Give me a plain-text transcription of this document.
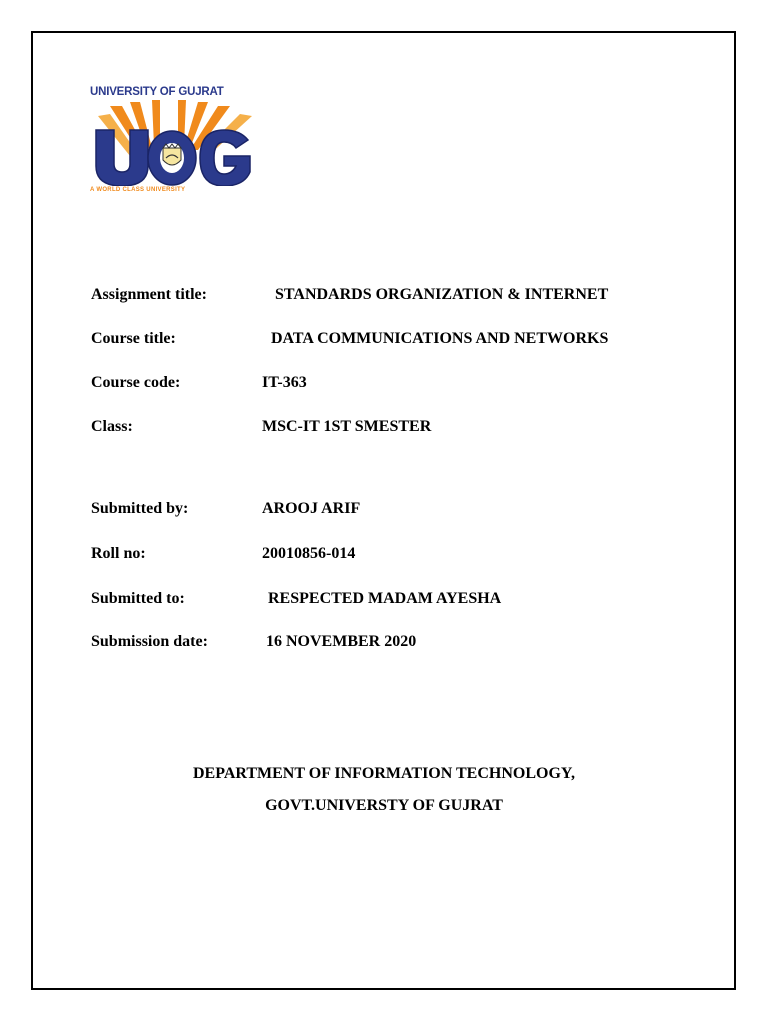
UNIVERSITY OF GUJRAT
A WORLD CLASS UNIVERSITY
Assignment title:	STANDARDS ORGANIZATION & INTERNET
Course title:	DATA COMMUNICATIONS AND NETWORKS
Course code:	IT-363
Class:	MSC-IT 1ST SMESTER
Submitted by:	AROOJ ARIF
Roll no:	20010856-014
Submitted to:	RESPECTED MADAM AYESHA
Submission date:	16 NOVEMBER 2020
DEPARTMENT OF INFORMATION TECHNOLOGY,
GOVT.UNIVERSTY OF GUJRAT
